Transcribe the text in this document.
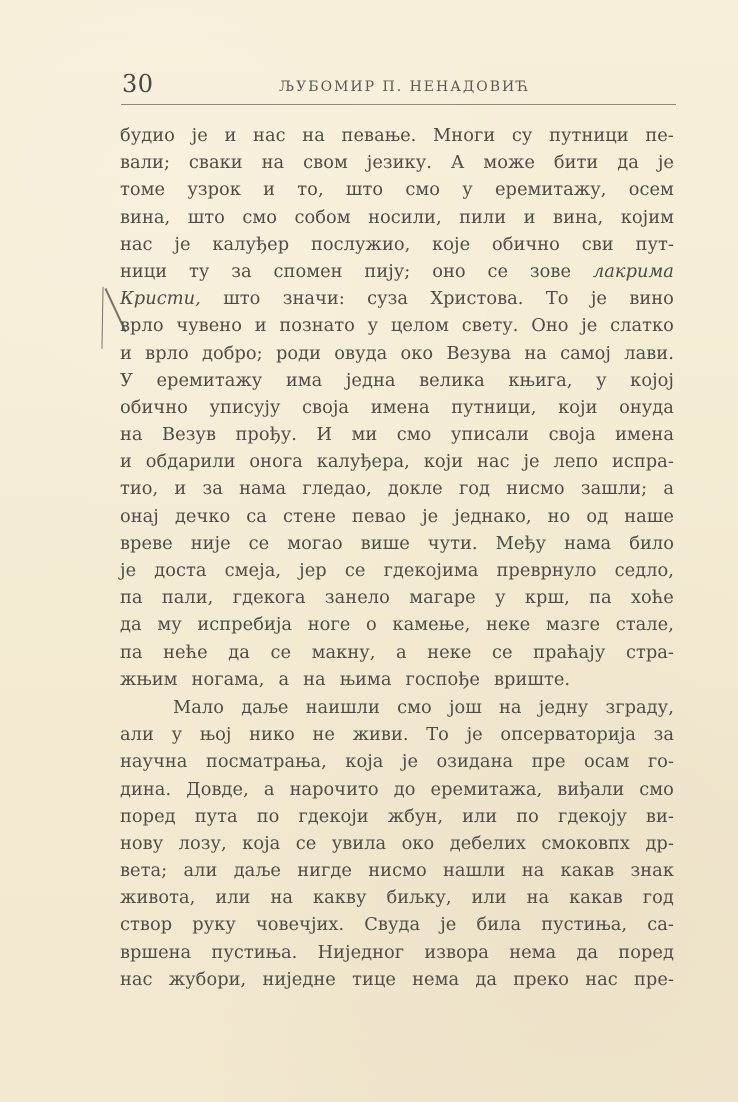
30	ЉУБОМИР П. НЕНАДОВИЋ
будио је и нас на певање. Многи су путници пе-
вали; сваки на свом језику. А може бити да је
томе узрок и то, што смо у еремитажу, осем
вина, што смо собом носили, пили и вина, којим
нас је калуђер послужио, које обично сви пут-
ници ту за спомен пију; оно се зове лакрима
Кристи, што значи: суза Христова. То је вино
врло чувено и познато у целом свету. Оно је слатко
и врло добро; роди овуда око Везува на самој лави.
У еремитажу има једна велика књига, у којој
обично уписују своја имена путници, који онуда
на Везув прођу. И ми смо уписали своја имена
и обдарили онога калуђера, који нас је лепо испра-
тио, и за нама гледао, докле год нисмо зашли; а
онај дечко са стене певао је једнако, но од наше
вреве није се могао више чути. Међу нама било
је доста смеја, јер се гдекојима преврнуло седло,
па пали, гдекога занело магаре у крш, па хоће
да му испребија ноге о камење, неке мазге стале,
па неће да се макну, а неке се праћају стра-
жњим ногама, а на њима госпође вриште.
Мало даље наишли смо још на једну зграду,
али у њој нико не живи. То је опсерваторија за
научна посматрања, која је озидана пре осам го-
дина. Довде, а нарочито до еремитажа, виђали смо
поред пута по гдекоји жбун, или по гдекоју ви-
нову лозу, која се увила око дебелих смоковпх др-
вета; али даље нигде нисмо нашли на какав знак
живота, или на какву биљку, или на какав год
створ руку човечјих. Свуда је била пустиња, са-
вршена пустиња. Ниједног извора нема да поред
нас жубори, ниједне тице нема да преко нас пре-
